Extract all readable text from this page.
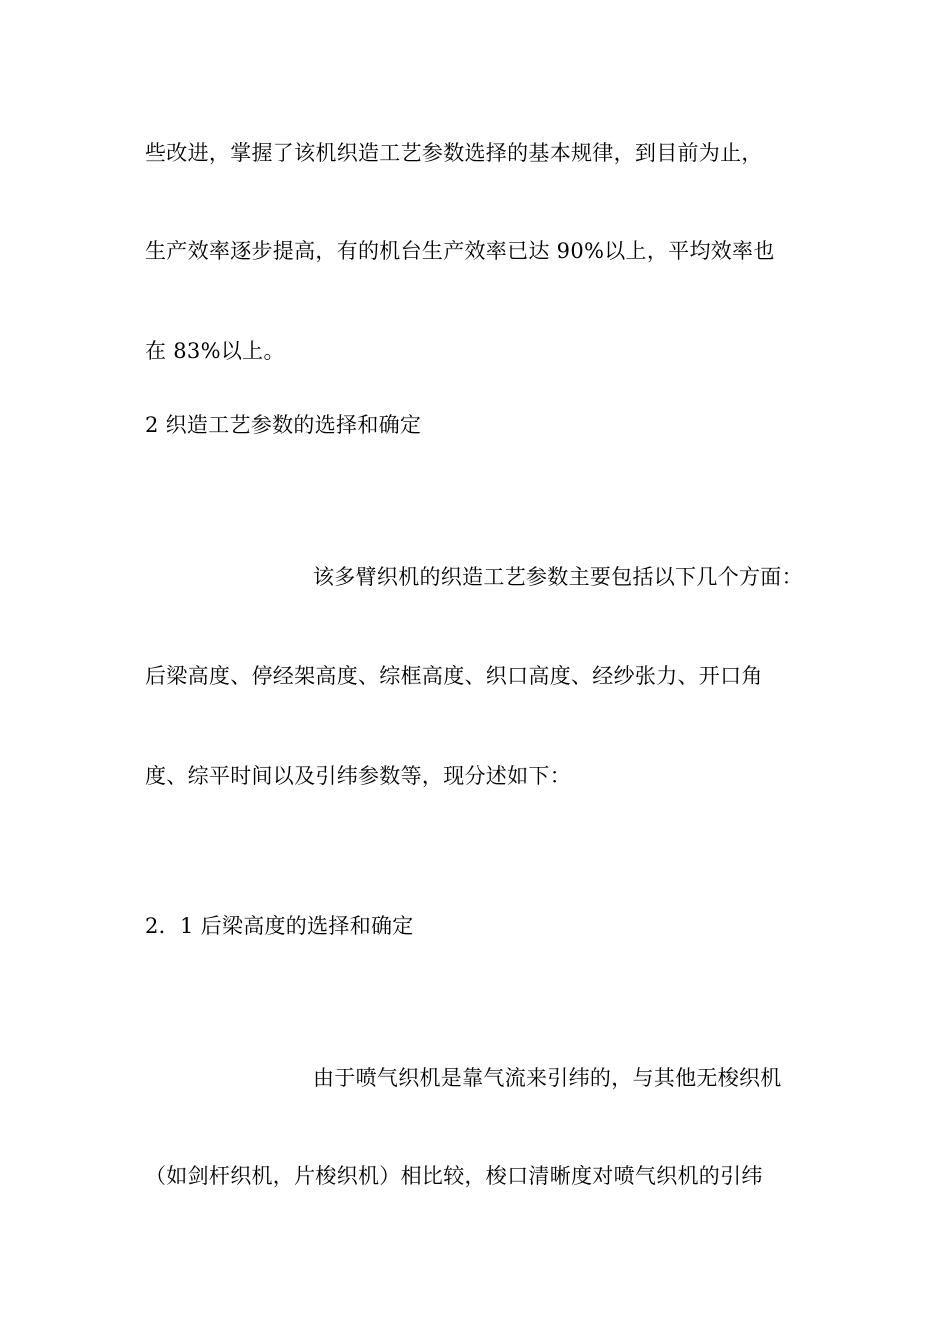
些改进，掌握了该机织造工艺参数选择的基本规律，到目前为止，
生产效率逐步提高，有的机台生产效率已达 90%以上，平均效率也
在 83%以上。
2 织造工艺参数的选择和确定
该多臂织机的织造工艺参数主要包括以下几个方面：
后梁高度、停经架高度、综框高度、织口高度、经纱张力、开口角
度、综平时间以及引纬参数等，现分述如下：
2．1 后梁高度的选择和确定
由于喷气织机是靠气流来引纬的，与其他无梭织机
（如剑杆织机，片梭织机）相比较，梭口清晰度对喷气织机的引纬
